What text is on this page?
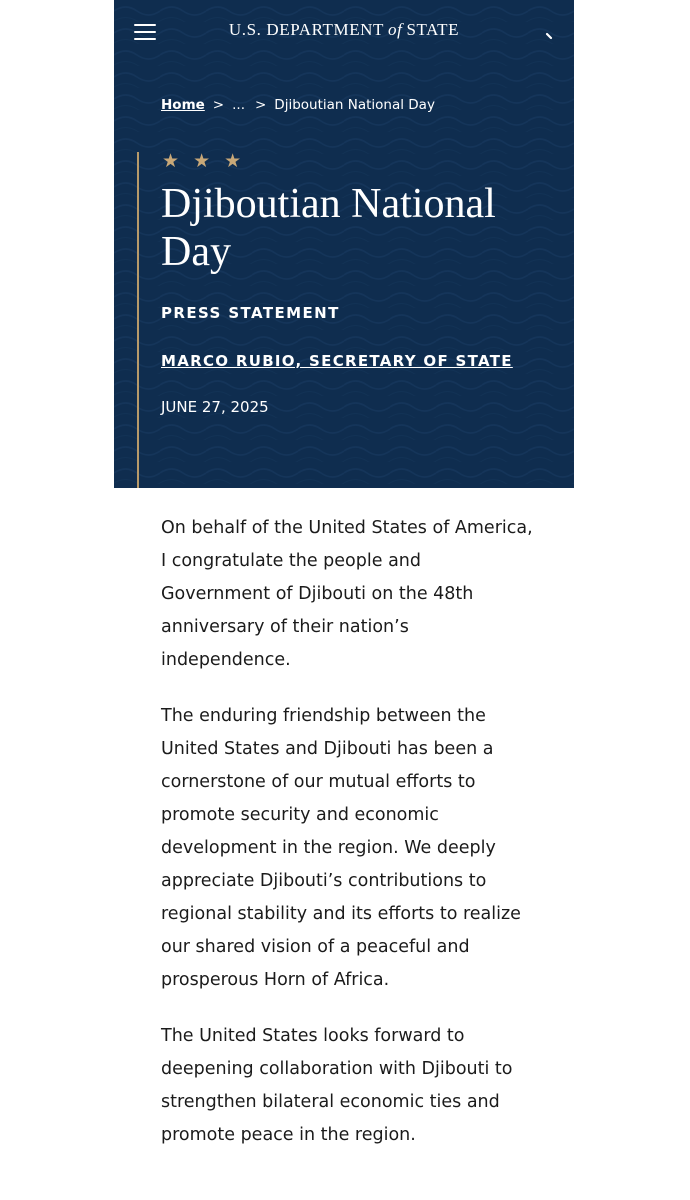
U.S. DEPARTMENT of STATE
Home > ... > Djiboutian National Day
★ ★ ★
Djiboutian National Day
PRESS STATEMENT
MARCO RUBIO, SECRETARY OF STATE
JUNE 27, 2025

On behalf of the United States of America, I congratulate the people and Government of Djibouti on the 48th anniversary of their nation’s independence.

The enduring friendship between the United States and Djibouti has been a cornerstone of our mutual efforts to promote security and economic development in the region. We deeply appreciate Djibouti’s contributions to regional stability and its efforts to realize our shared vision of a peaceful and prosperous Horn of Africa.

The United States looks forward to deepening collaboration with Djibouti to strengthen bilateral economic ties and promote peace in the region.
